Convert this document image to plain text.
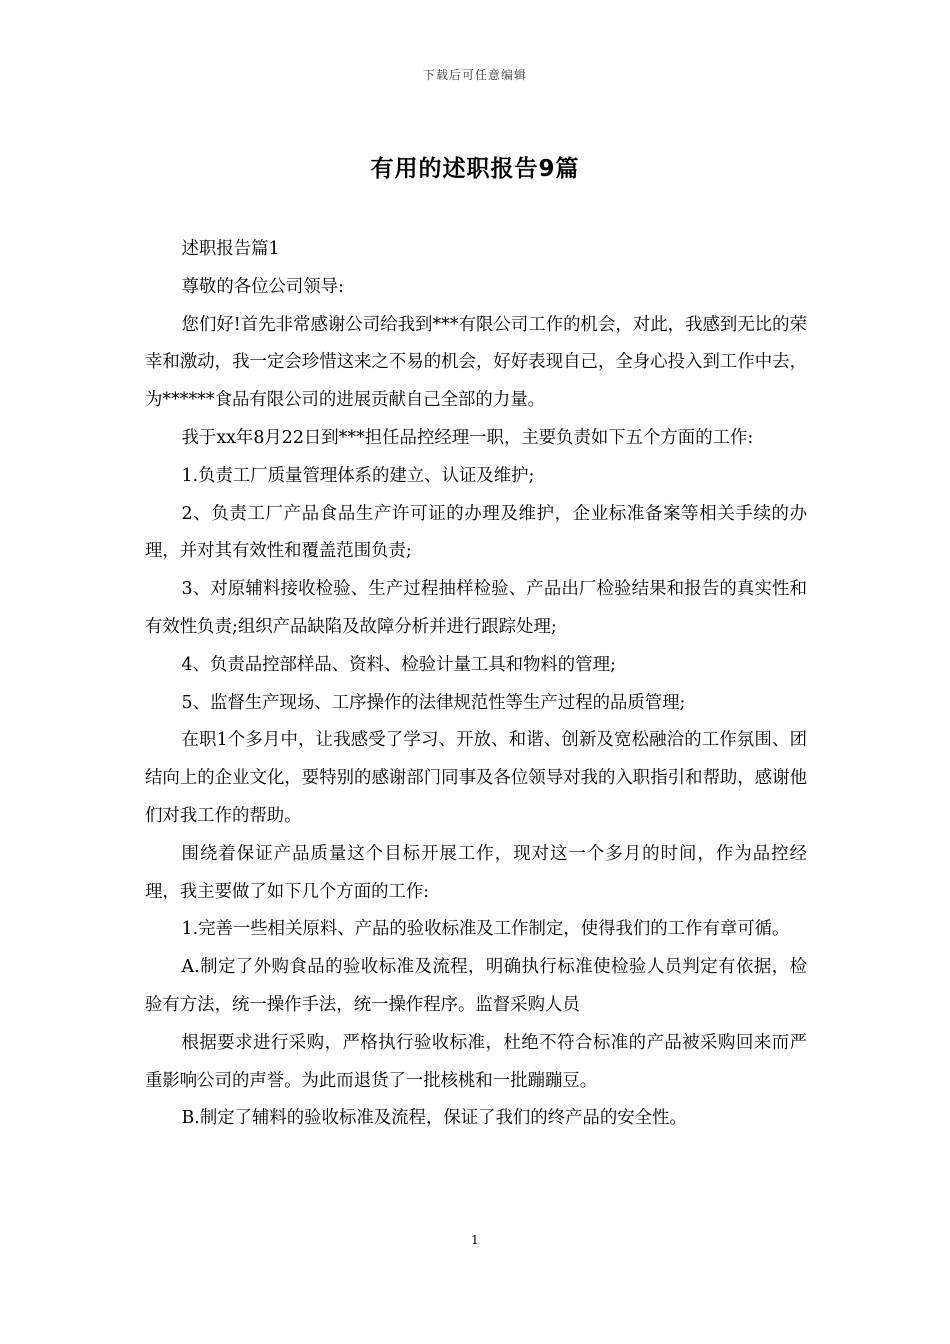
下载后可任意编辑
有用的述职报告9篇

述职报告篇1

尊敬的各位公司领导:

您们好!首先非常感谢公司给我到***有限公司工作的机会，对此，我感到无比的荣幸和激动，我一定会珍惜这来之不易的机会，好好表现自己，全身心投入到工作中去，为******食品有限公司的进展贡献自己全部的力量。

我于xx年8月22日到***担任品控经理一职，主要负责如下五个方面的工作:

1.负责工厂质量管理体系的建立、认证及维护;

2、负责工厂产品食品生产许可证的办理及维护，企业标准备案等相关手续的办理，并对其有效性和覆盖范围负责;

3、对原辅料接收检验、生产过程抽样检验、产品出厂检验结果和报告的真实性和有效性负责;组织产品缺陷及故障分析并进行跟踪处理;

4、负责品控部样品、资料、检验计量工具和物料的管理;

5、监督生产现场、工序操作的法律规范性等生产过程的品质管理;

在职1个多月中，让我感受了学习、开放、和谐、创新及宽松融洽的工作氛围、团结向上的企业文化，要特别的感谢部门同事及各位领导对我的入职指引和帮助，感谢他们对我工作的帮助。

围绕着保证产品质量这个目标开展工作，现对这一个多月的时间，作为品控经理，我主要做了如下几个方面的工作:

1.完善一些相关原料、产品的验收标准及工作制定，使得我们的工作有章可循。

A.制定了外购食品的验收标准及流程，明确执行标准使检验人员判定有依据，检验有方法，统一操作手法，统一操作程序。监督采购人员

根据要求进行采购，严格执行验收标准，杜绝不符合标准的产品被采购回来而严重影响公司的声誉。为此而退货了一批核桃和一批蹦蹦豆。

B.制定了辅料的验收标准及流程，保证了我们的终产品的安全性。

1
